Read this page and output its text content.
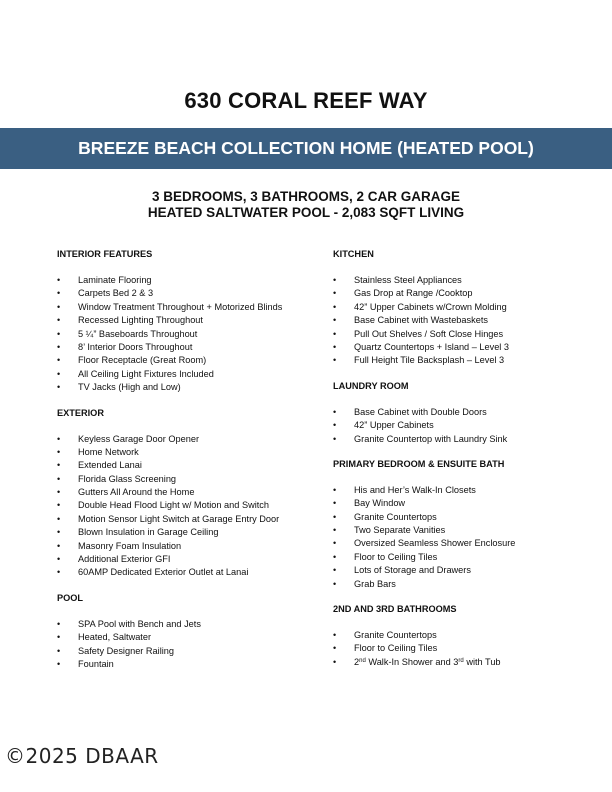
630 CORAL REEF WAY
BREEZE BEACH COLLECTION HOME (HEATED POOL)
3 BEDROOMS, 3 BATHROOMS, 2 CAR GARAGE
HEATED SALTWATER POOL - 2,083 SQFT LIVING
INTERIOR FEATURES
• Laminate Flooring
• Carpets Bed 2 & 3
• Window Treatment Throughout + Motorized Blinds
• Recessed Lighting Throughout
• 5 ¼” Baseboards Throughout
• 8’ Interior Doors Throughout
• Floor Receptacle (Great Room)
• All Ceiling Light Fixtures Included
• TV Jacks (High and Low)
EXTERIOR
• Keyless Garage Door Opener
• Home Network
• Extended Lanai
• Florida Glass Screening
• Gutters All Around the Home
• Double Head Flood Light w/ Motion and Switch
• Motion Sensor Light Switch at Garage Entry Door
• Blown Insulation in Garage Ceiling
• Masonry Foam Insulation
• Additional Exterior GFI
• 60AMP Dedicated Exterior Outlet at Lanai
POOL
• SPA Pool with Bench and Jets
• Heated, Saltwater
• Safety Designer Railing
• Fountain
KITCHEN
• Stainless Steel Appliances
• Gas Drop at Range /Cooktop
• 42” Upper Cabinets w/Crown Molding
• Base Cabinet with Wastebaskets
• Pull Out Shelves / Soft Close Hinges
• Quartz Countertops + Island – Level 3
• Full Height Tile Backsplash – Level 3
LAUNDRY ROOM
• Base Cabinet with Double Doors
• 42” Upper Cabinets
• Granite Countertop with Laundry Sink
PRIMARY BEDROOM & ENSUITE BATH
• His and Her’s Walk-In Closets
• Bay Window
• Granite Countertops
• Two Separate Vanities
• Oversized Seamless Shower Enclosure
• Floor to Ceiling Tiles
• Lots of Storage and Drawers
• Grab Bars
2ND AND 3RD BATHROOMS
• Granite Countertops
• Floor to Ceiling Tiles
• 2nd Walk-In Shower and 3rd with Tub
©2025 DBAAR
